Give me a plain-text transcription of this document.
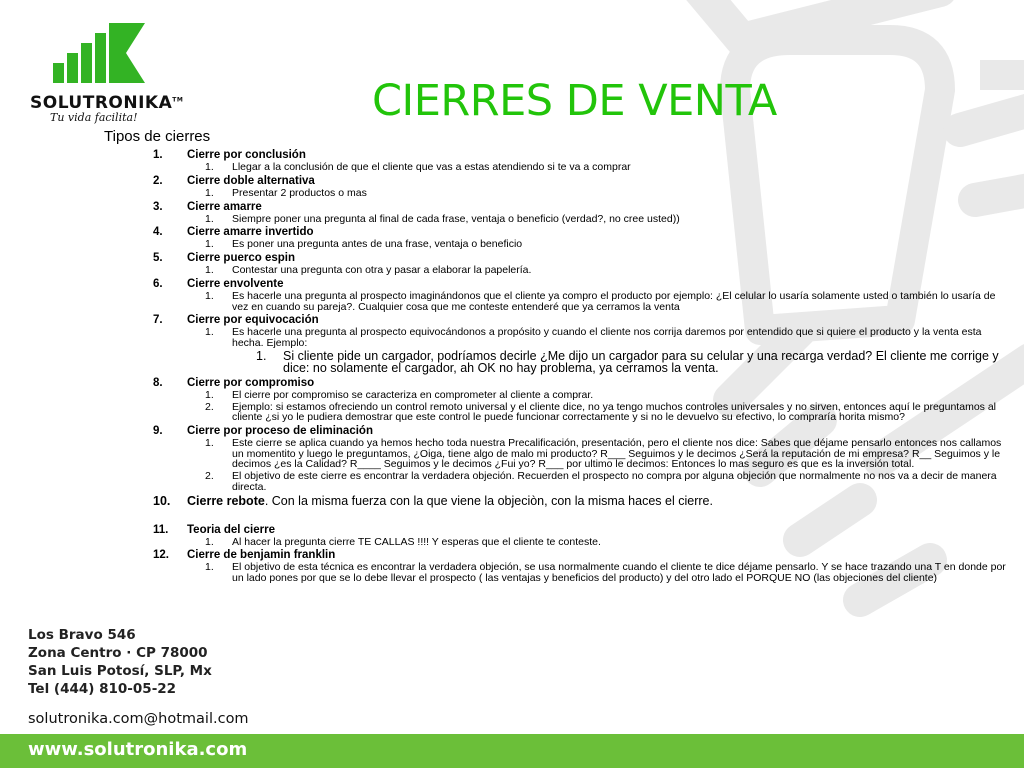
SOLUTRONIKA™
Tu vida facilita!	CIERRES DE VENTA
Tipos de cierres
1.	Cierre por conclusión
1.	Llegar a la conclusión de que el cliente que vas a estas atendiendo si te va a comprar
2.	Cierre doble alternativa
1.	Presentar 2 productos o mas
3.	Cierre amarre
1.	Siempre poner una pregunta al final de cada frase, ventaja o beneficio (verdad?, no cree usted))
4.	Cierre amarre invertido
1.	Es poner una pregunta antes de una frase, ventaja o beneficio
5.	Cierre puerco espin
1.	Contestar una pregunta con otra y pasar a elaborar la papelería.
6.	Cierre envolvente
1.	Es hacerle una pregunta al prospecto imaginándonos que el cliente ya compro el producto por ejemplo: ¿El celular lo usaría solamente usted o también lo usaría de vez en cuando su pareja?. Cualquier cosa que me conteste entenderé que ya cerramos la venta
7.	Cierre por equivocación
1.	Es hacerle una pregunta al prospecto equivocándonos a propósito y cuando el cliente nos corrija daremos por entendido que si quiere el producto y la venta esta hecha. Ejemplo:
1.	Si cliente pide un cargador, podríamos decirle ¿Me dijo un cargador para su celular y una recarga verdad? El cliente me corrige y dice: no solamente el cargador, ah OK no hay problema, ya cerramos la venta.
8.	Cierre por compromiso
1.	El cierre por compromiso se caracteriza en comprometer al cliente a comprar.
2.	Ejemplo: si estamos ofreciendo un control remoto universal y el cliente dice, no ya tengo muchos controles universales y no sirven, entonces aquí le preguntamos al cliente ¿si yo le pudiera demostrar que este control le puede funcionar correctamente y si no le devuelvo su efectivo, lo compraría horita mismo?
9.	Cierre por proceso de eliminación
1.	Este cierre se aplica cuando ya hemos hecho toda nuestra Precalificación, presentación, pero el cliente nos dice: Sabes que déjame pensarlo entonces nos callamos un momentito y luego le preguntamos, ¿Oiga, tiene algo de malo mi producto? R___ Seguimos y le decimos ¿Será la reputación de mi empresa? R__ Seguimos y le decimos ¿es la Calidad? R____ Seguimos y le decimos ¿Fui yo? R___ por ultimo le decimos: Entonces lo mas seguro es que es la inversión total.
2.	El objetivo de este cierre es encontrar la verdadera objeción. Recuerden el prospecto no compra por alguna objeción que normalmente no nos va a decir de manera directa.
10.	Cierre rebote. Con la misma fuerza con la que viene la objeciòn, con la misma haces el cierre.
11.	Teoria del cierre
1.	Al hacer la pregunta cierre TE CALLAS !!!! Y esperas que el cliente te conteste.
12.	Cierre de benjamin franklin
1.	El objetivo de esta técnica es encontrar la verdadera objeción, se usa normalmente cuando el cliente te dice déjame pensarlo. Y se hace trazando una T en donde por un lado pones por que se lo debe llevar el prospecto ( las ventajas y beneficios del producto) y del otro lado el PORQUE NO (las objeciones del cliente)
Los Bravo 546
Zona Centro · CP 78000
San Luis Potosí, SLP, Mx
Tel (444) 810-05-22
solutronika.com@hotmail.com
www.solutronika.com
